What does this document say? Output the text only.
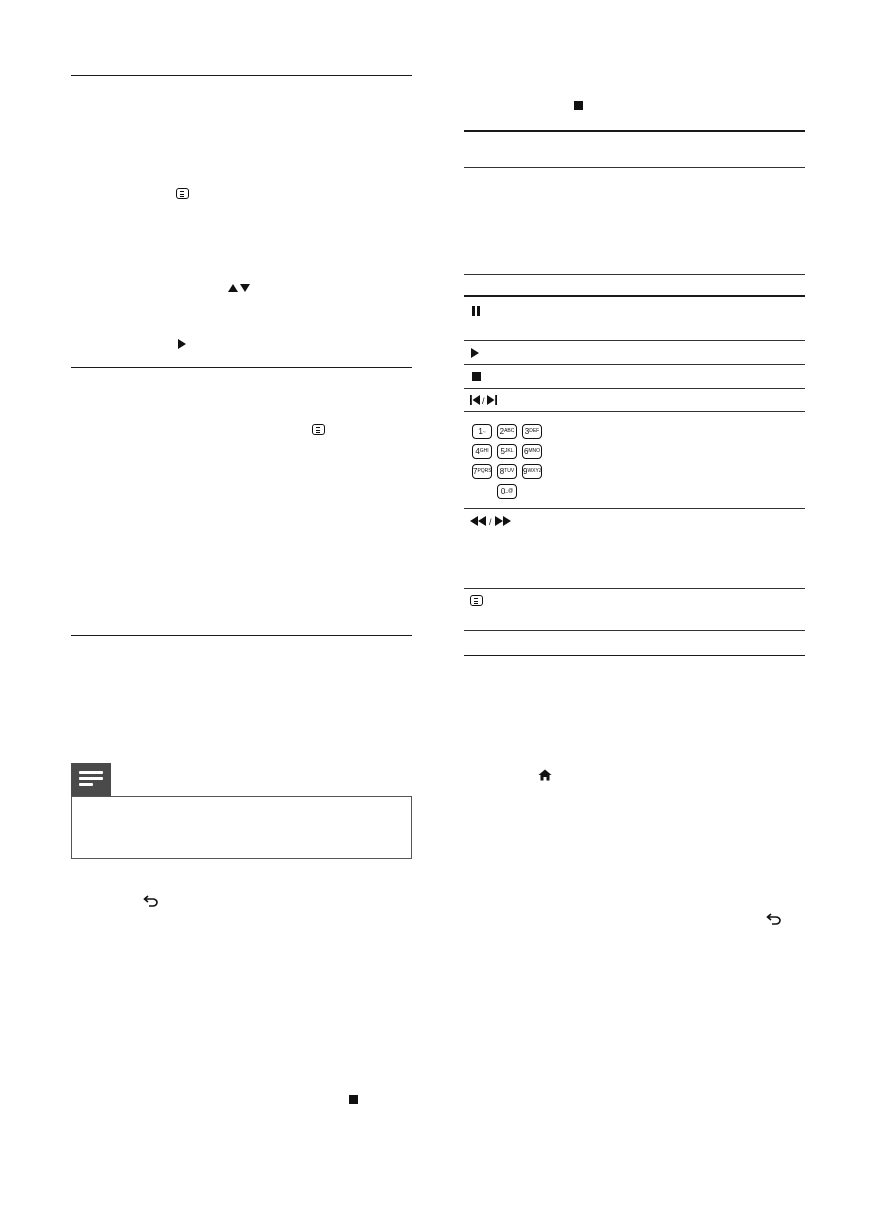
/
1.,	$2^{ABC}$	$3^{DEF}$
$4^{GHI}$	$5^{JKL}$	$6^{MNO}$
$7^{PQRS}$	$8^{TUV}$	$9^{WXYZ}$
0_@
/
